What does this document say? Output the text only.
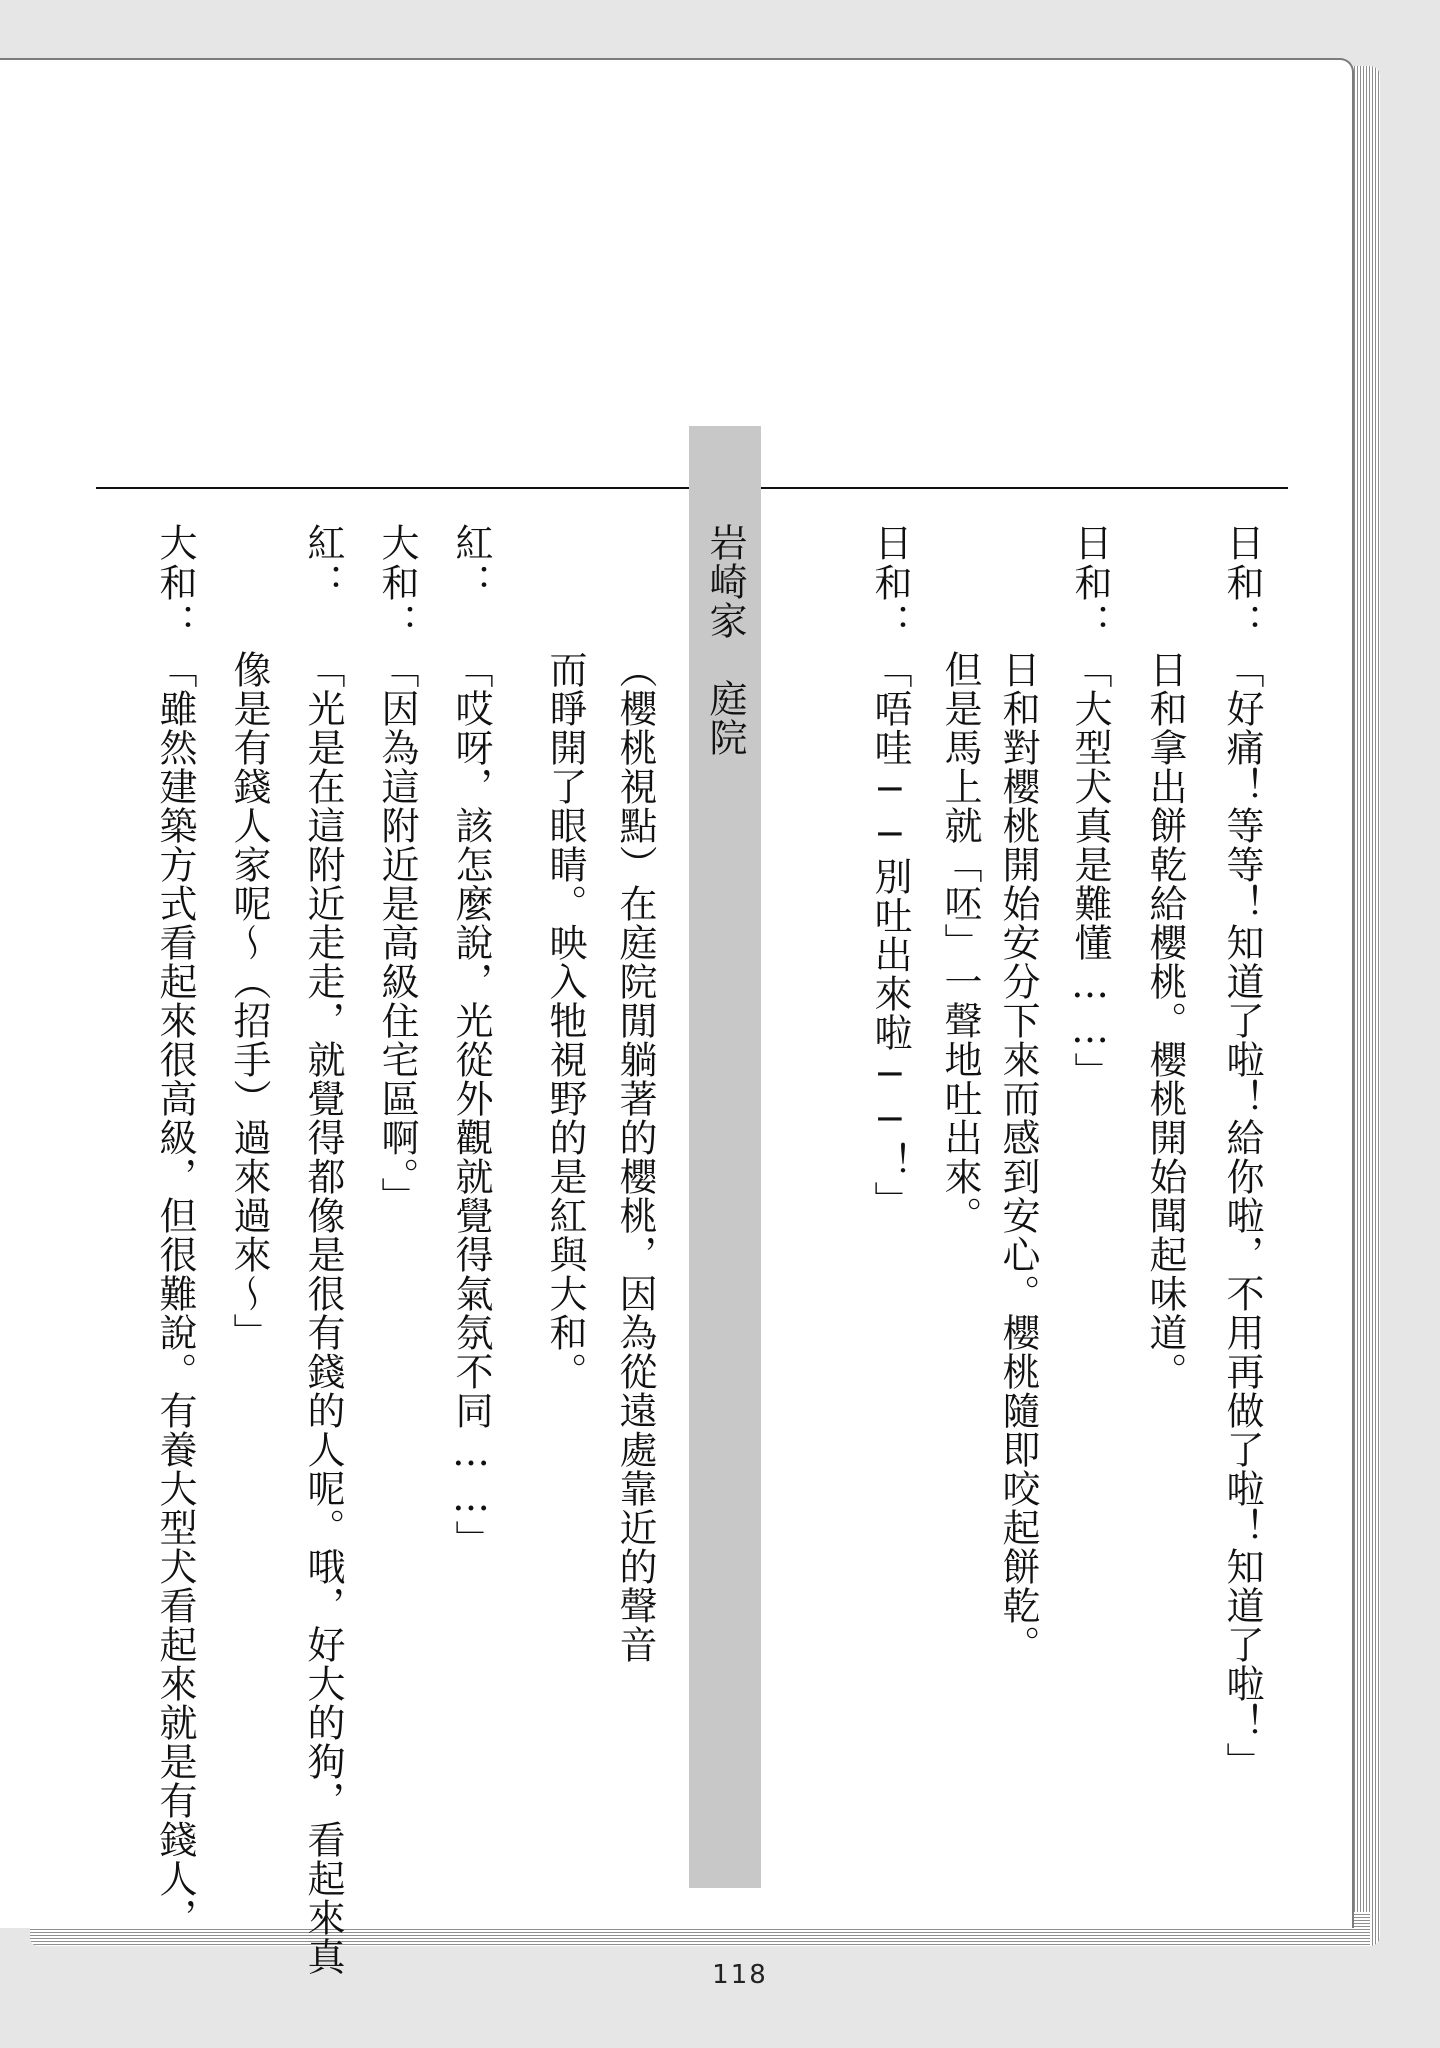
日和：
「好痛！等等！知道了啦！給你啦，不用再做了啦！知道了啦！」
日和拿出餅乾給櫻桃。櫻桃開始聞起味道。
日和：
「大型犬真是難懂……」
日和對櫻桃開始安分下來而感到安心。櫻桃隨即咬起餅乾。
但是馬上就「呸」一聲地吐出來。
日和：
「唔哇──別吐出來啦──！」
岩崎家　庭院
（櫻桃視點）在庭院閒躺著的櫻桃，因為從遠處靠近的聲音
而睜開了眼睛。映入牠視野的是紅與大和。
紅：
「哎呀，該怎麼說，光從外觀就覺得氣氛不同……」
大和：
「因為這附近是高級住宅區啊。」
紅：
「光是在這附近走走，就覺得都像是很有錢的人呢。哦，好大的狗，看起來真
像是有錢人家呢～（招手）過來過來～」
大和：
「雖然建築方式看起來很高級，但很難說。有養大型犬看起來就是有錢人，
118
